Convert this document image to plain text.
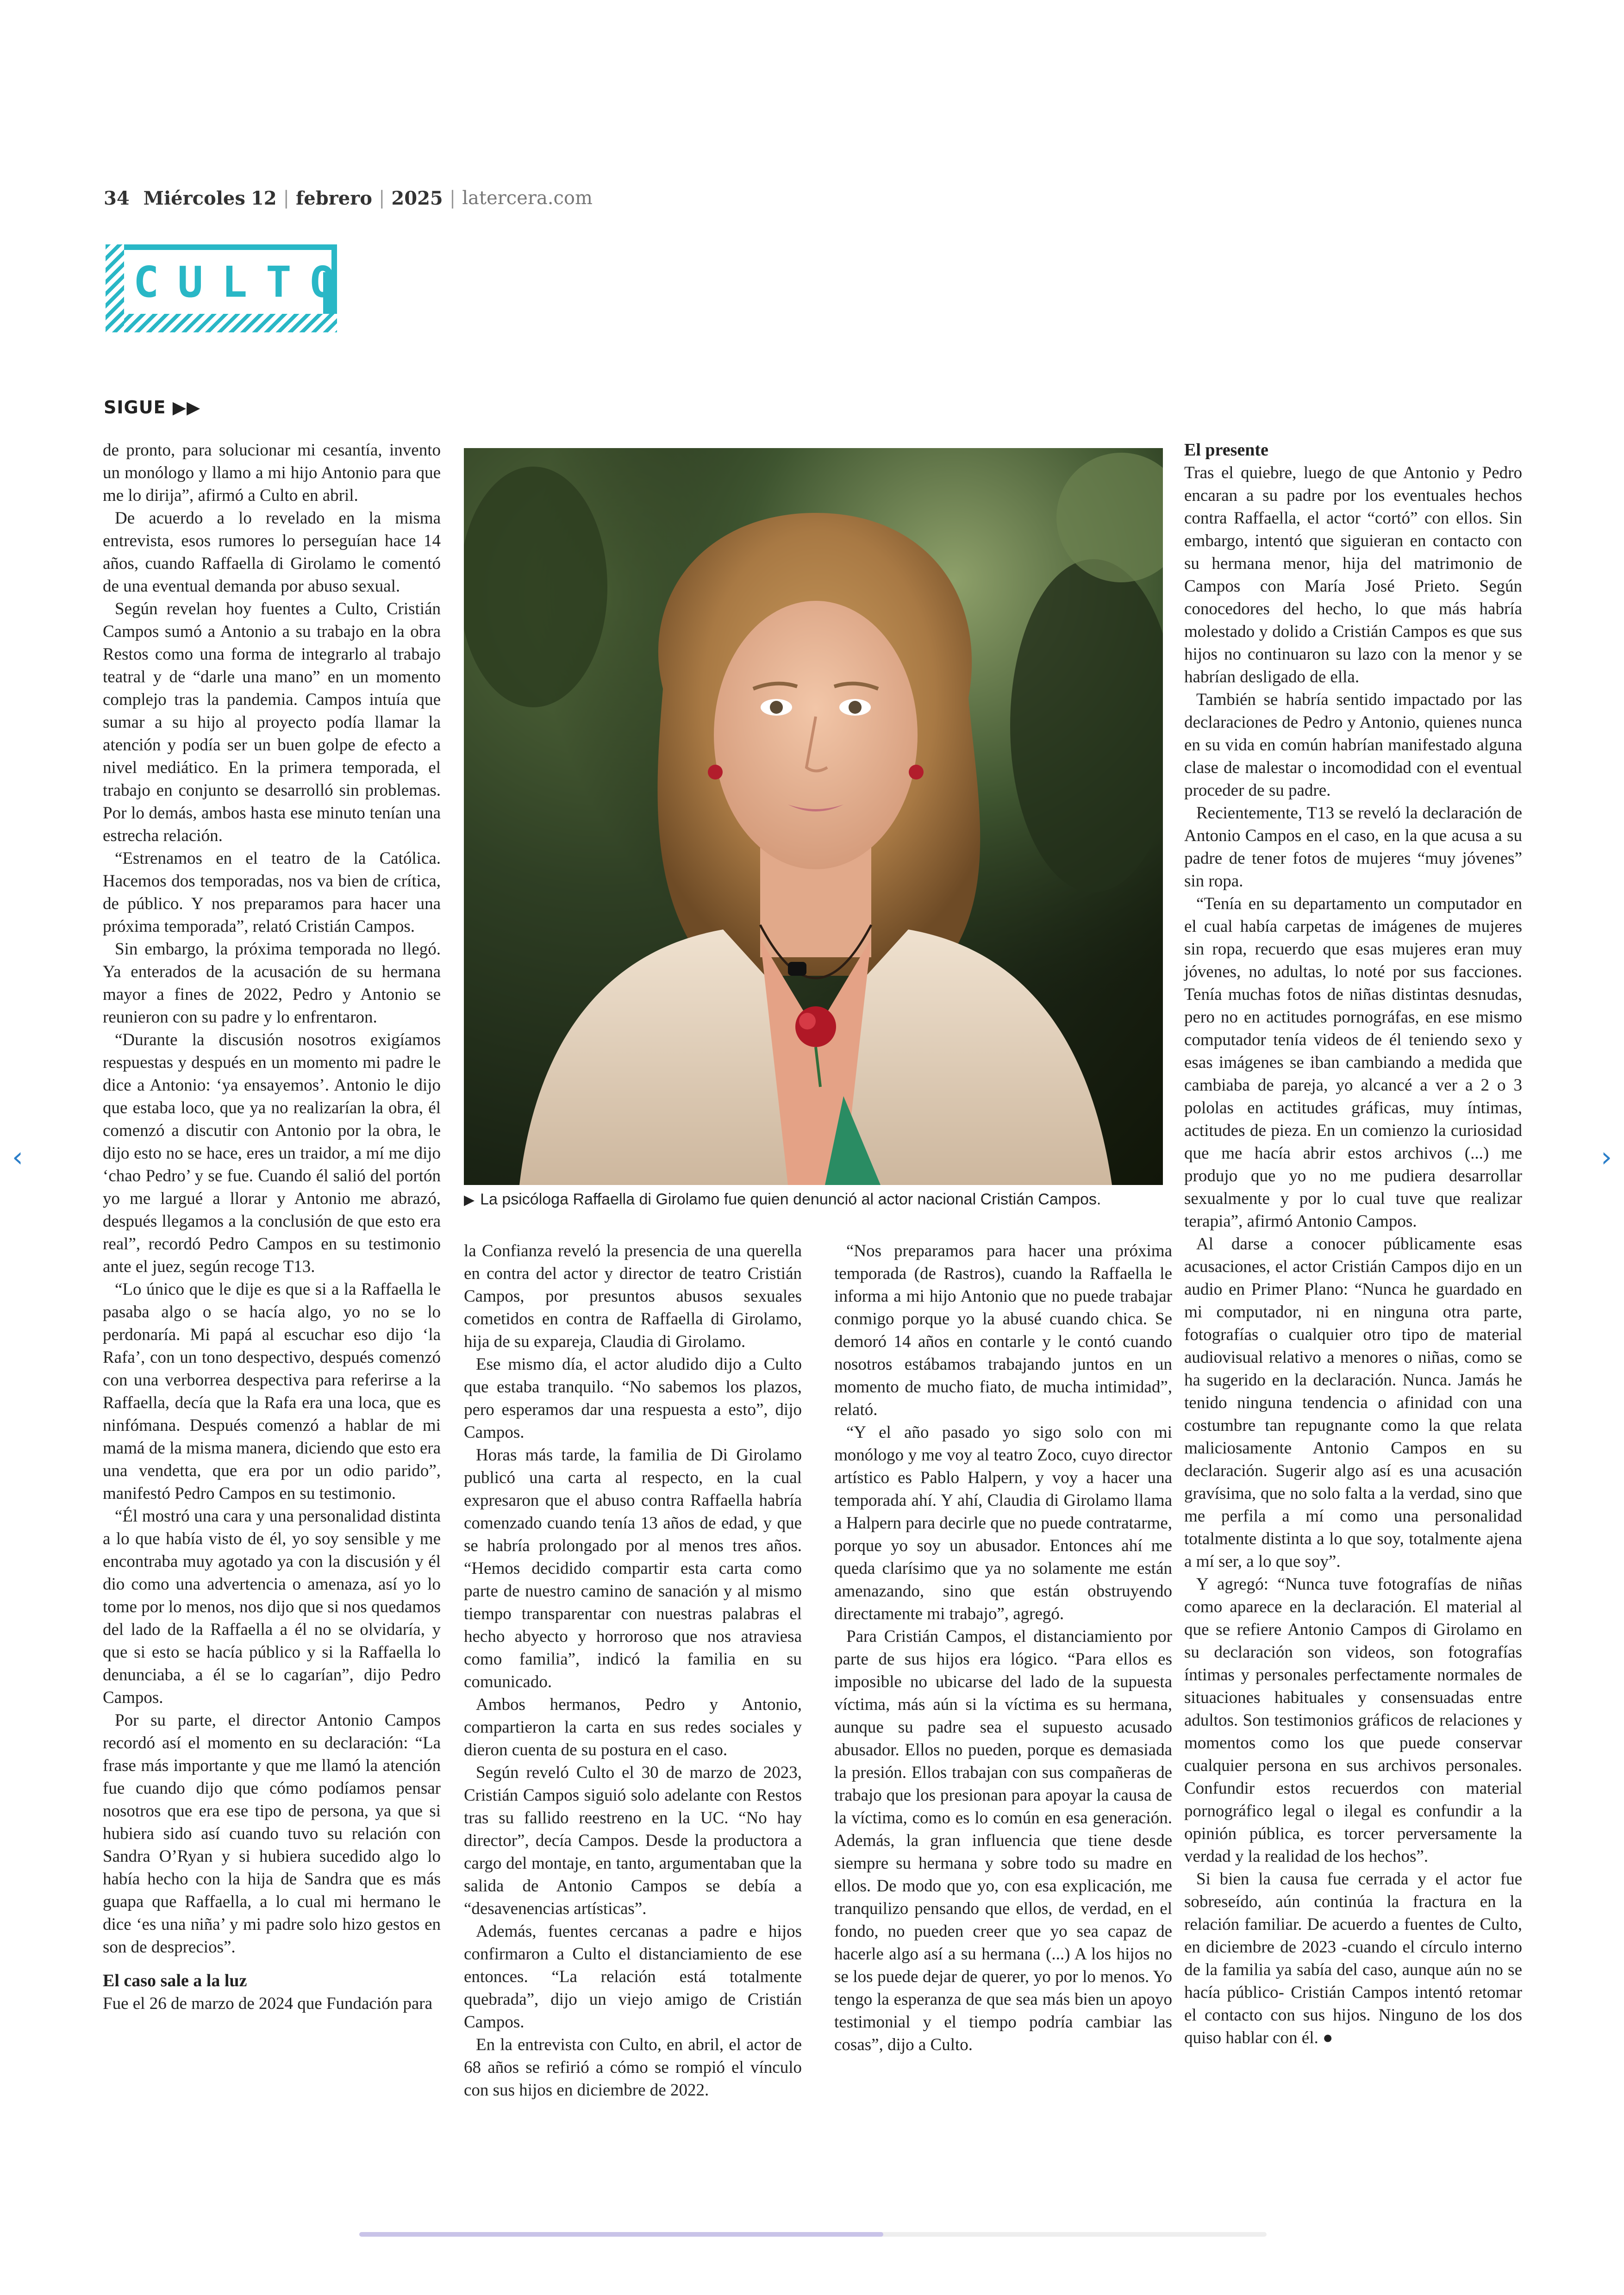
34 Miércoles 12 | febrero | 2025 | latercera.com
CULTO
SIGUE ▶▶

de pronto, para solucionar mi cesantía, invento un monólogo y llamo a mi hijo Antonio para que me lo dirija”, afirmó a Culto en abril.

De acuerdo a lo revelado en la misma entrevista, esos rumores lo perseguían hace 14 años, cuando Raffaella di Girolamo le comentó de una eventual demanda por abuso sexual.

Según revelan hoy fuentes a Culto, Cristián Campos sumó a Antonio a su trabajo en la obra Restos como una forma de integrarlo al trabajo teatral y de “darle una mano” en un momento complejo tras la pandemia. Campos intuía que sumar a su hijo al proyecto podía llamar la atención y podía ser un buen golpe de efecto a nivel mediático. En la primera temporada, el trabajo en conjunto se desarrolló sin problemas. Por lo demás, ambos hasta ese minuto tenían una estrecha relación.

“Estrenamos en el teatro de la Católica. Hacemos dos temporadas, nos va bien de crítica, de público. Y nos preparamos para hacer una próxima temporada”, relató Cristián Campos.

Sin embargo, la próxima temporada no llegó. Ya enterados de la acusación de su hermana mayor a fines de 2022, Pedro y Antonio se reunieron con su padre y lo enfrentaron.

“Durante la discusión nosotros exigíamos respuestas y después en un momento mi padre le dice a Antonio: ‘ya ensayemos’. Antonio le dijo que estaba loco, que ya no realizarían la obra, él comenzó a discutir con Antonio por la obra, le dijo esto no se hace, eres un traidor, a mí me dijo ‘chao Pedro’ y se fue. Cuando él salió del portón yo me largué a llorar y Antonio me abrazó, después llegamos a la conclusión de que esto era real”, recordó Pedro Campos en su testimonio ante el juez, según recoge T13.

“Lo único que le dije es que si a la Raffaella le pasaba algo o se hacía algo, yo no se lo perdonaría. Mi papá al escuchar eso dijo ‘la Rafa’, con un tono despectivo, después comenzó con una verborrea despectiva para referirse a la Raffaella, decía que la Rafa era una loca, que es ninfómana. Después comenzó a hablar de mi mamá de la misma manera, diciendo que esto era una vendetta, que era por un odio parido”, manifestó Pedro Campos en su testimonio.

“Él mostró una cara y una personalidad distinta a lo que había visto de él, yo soy sensible y me encontraba muy agotado ya con la discusión y él dio como una advertencia o amenaza, así yo lo tome por lo menos, nos dijo que si nos quedamos del lado de la Raffaella a él no se olvidaría, y que si esto se hacía público y si la Raffaella lo denunciaba, a él se lo cagarían”, dijo Pedro Campos.

Por su parte, el director Antonio Campos recordó así el momento en su declaración: “La frase más importante y que me llamó la atención fue cuando dijo que cómo podíamos pensar nosotros que era ese tipo de persona, ya que si hubiera sido así cuando tuvo su relación con Sandra O’Ryan y si hubiera sucedido algo lo había hecho con la hija de Sandra que es más guapa que Raffaella, a lo cual mi hermano le dice ‘es una niña’ y mi padre solo hizo gestos en son de desprecios”.

El caso sale a la luz

Fue el 26 de marzo de 2024 que Fundación para

▶ La psicóloga Raffaella di Girolamo fue quien denunció al actor nacional Cristián Campos.

la Confianza reveló la presencia de una querella en contra del actor y director de teatro Cristián Campos, por presuntos abusos sexuales cometidos en contra de Raffaella di Girolamo, hija de su expareja, Claudia di Girolamo.

Ese mismo día, el actor aludido dijo a Culto que estaba tranquilo. “No sabemos los plazos, pero esperamos dar una respuesta a esto”, dijo Campos.

Horas más tarde, la familia de Di Girolamo publicó una carta al respecto, en la cual expresaron que el abuso contra Raffaella habría comenzado cuando tenía 13 años de edad, y que se habría prolongado por al menos tres años. “Hemos decidido compartir esta carta como parte de nuestro camino de sanación y al mismo tiempo transparentar con nuestras palabras el hecho abyecto y horroroso que nos atraviesa como familia”, indicó la familia en su comunicado.

Ambos hermanos, Pedro y Antonio, compartieron la carta en sus redes sociales y dieron cuenta de su postura en el caso.

Según reveló Culto el 30 de marzo de 2023, Cristián Campos siguió solo adelante con Restos tras su fallido reestreno en la UC. “No hay director”, decía Campos. Desde la productora a cargo del montaje, en tanto, argumentaban que la salida de Antonio Campos se debía a “desavenencias artísticas”.

Además, fuentes cercanas a padre e hijos confirmaron a Culto el distanciamiento de ese entonces. “La relación está totalmente quebrada”, dijo un viejo amigo de Cristián Campos.

En la entrevista con Culto, en abril, el actor de 68 años se refirió a cómo se rompió el vínculo con sus hijos en diciembre de 2022.

“Nos preparamos para hacer una próxima temporada (de Rastros), cuando la Raffaella le informa a mi hijo Antonio que no puede trabajar conmigo porque yo la abusé cuando chica. Se demoró 14 años en contarle y le contó cuando nosotros estábamos trabajando juntos en un momento de mucho fiato, de mucha intimidad”, relató.

“Y el año pasado yo sigo solo con mi monólogo y me voy al teatro Zoco, cuyo director artístico es Pablo Halpern, y voy a hacer una temporada ahí. Y ahí, Claudia di Girolamo llama a Halpern para decirle que no puede contratarme, porque yo soy un abusador. Entonces ahí me queda clarísimo que ya no solamente me están amenazando, sino que están obstruyendo directamente mi trabajo”, agregó.

Para Cristián Campos, el distanciamiento por parte de sus hijos era lógico. “Para ellos es imposible no ubicarse del lado de la supuesta víctima, más aún si la víctima es su hermana, aunque su padre sea el supuesto acusado abusador. Ellos no pueden, porque es demasiada la presión. Ellos trabajan con sus compañeras de trabajo que los presionan para apoyar la causa de la víctima, como es lo común en esa generación. Además, la gran influencia que tiene desde siempre su hermana y sobre todo su madre en ellos. De modo que yo, con esa explicación, me tranquilizo pensando que ellos, de verdad, en el fondo, no pueden creer que yo sea capaz de hacerle algo así a su hermana (...) A los hijos no se los puede dejar de querer, yo por lo menos. Yo tengo la esperanza de que sea más bien un apoyo testimonial y el tiempo podría cambiar las cosas”, dijo a Culto.

El presente

Tras el quiebre, luego de que Antonio y Pedro encaran a su padre por los eventuales hechos contra Raffaella, el actor “cortó” con ellos. Sin embargo, intentó que siguieran en contacto con su hermana menor, hija del matrimonio de Campos con María José Prieto. Según conocedores del hecho, lo que más habría molestado y dolido a Cristián Campos es que sus hijos no continuaron su lazo con la menor y se habrían desligado de ella.

También se habría sentido impactado por las declaraciones de Pedro y Antonio, quienes nunca en su vida en común habrían manifestado alguna clase de malestar o incomodidad con el eventual proceder de su padre.

Recientemente, T13 se reveló la declaración de Antonio Campos en el caso, en la que acusa a su padre de tener fotos de mujeres “muy jóvenes” sin ropa.

“Tenía en su departamento un computador en el cual había carpetas de imágenes de mujeres sin ropa, recuerdo que esas mujeres eran muy jóvenes, no adultas, lo noté por sus facciones. Tenía muchas fotos de niñas distintas desnudas, pero no en actitudes pornográfas, en ese mismo computador tenía videos de él teniendo sexo y esas imágenes se iban cambiando a medida que cambiaba de pareja, yo alcancé a ver a 2 o 3 pololas en actitudes gráficas, muy íntimas, actitudes de pieza. En un comienzo la curiosidad que me hacía abrir estos archivos (...) me produjo que yo no me pudiera desarrollar sexualmente y por lo cual tuve que realizar terapia”, afirmó Antonio Campos.

Al darse a conocer públicamente esas acusaciones, el actor Cristián Campos dijo en un audio en Primer Plano: “Nunca he guardado en mi computador, ni en ninguna otra parte, fotografías o cualquier otro tipo de material audiovisual relativo a menores o niñas, como se ha sugerido en la declaración. Nunca. Jamás he tenido ninguna tendencia o afinidad con una costumbre tan repugnante como la que relata maliciosamente Antonio Campos en su declaración. Sugerir algo así es una acusación gravísima, que no solo falta a la verdad, sino que me perfila a mí como una personalidad totalmente distinta a lo que soy, totalmente ajena a mí ser, a lo que soy”.

Y agregó: “Nunca tuve fotografías de niñas como aparece en la declaración. El material al que se refiere Antonio Campos di Girolamo en su declaración son videos, son fotografías íntimas y personales perfectamente normales de situaciones habituales y consensuadas entre adultos. Son testimonios gráficos de relaciones y momentos como los que puede conservar cualquier persona en sus archivos personales. Confundir estos recuerdos con material pornográfico legal o ilegal es confundir a la opinión pública, es torcer perversamente la verdad y la realidad de los hechos”.

Si bien la causa fue cerrada y el actor fue sobreseído, aún continúa la fractura en la relación familiar. De acuerdo a fuentes de Culto, en diciembre de 2023 -cuando el círculo interno de la familia ya sabía del caso, aunque aún no se hacía público- Cristián Campos intentó retomar el contacto con sus hijos. Ninguno de los dos quiso hablar con él. ●

‹	›
